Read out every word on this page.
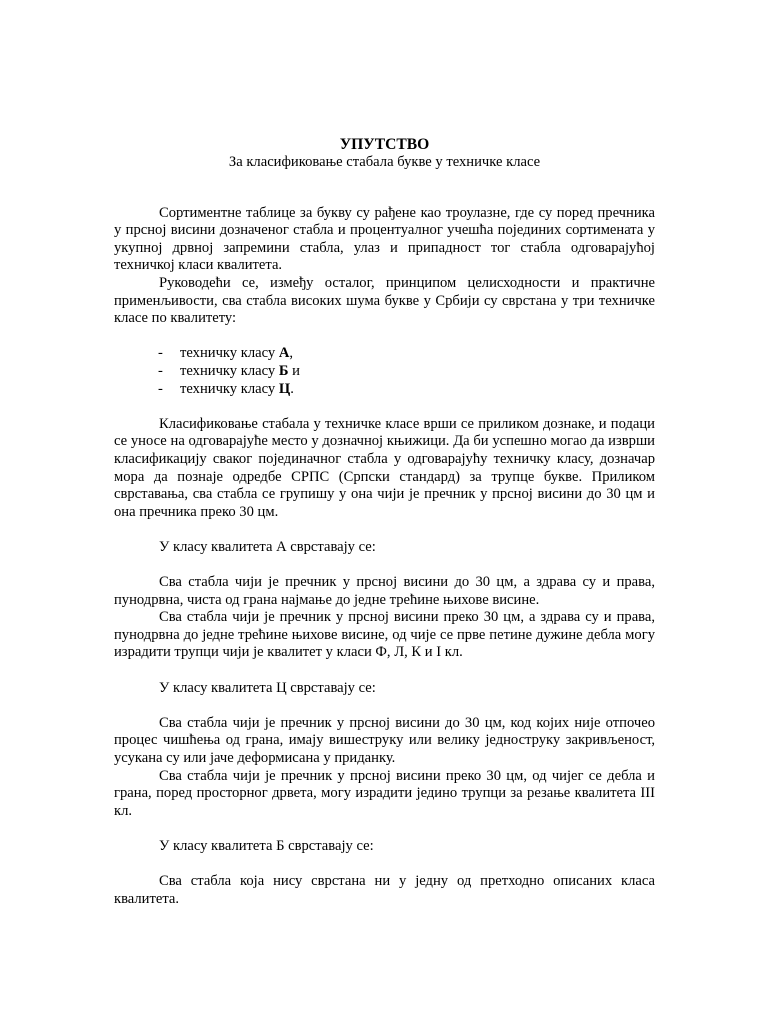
УПУТСТВО
За класификовање стабала букве у техничке класе

Сортиментне таблице за букву су рађене као троулазне, где су поред пречника у прсној висини дозначеног стабла и процентуалног учешћа појединих сортимената у укупној дрвној запремини стабла, улаз и припадност тог стабла одговарајућој техничкој класи квалитета.

Руководећи се, између осталог, принципом целисходности и практичне применљивости, сва стабла високих шума букве у Србији су сврстана у три техничке класе по квалитету:

- техничку класу А,
- техничку класу Б и
- техничку класу Ц.

Класификовање стабала у техничке класе врши се приликом дознаке, и подаци се уносе на одговарајуће место у дозначној књижици. Да би успешно могао да изврши класификацију сваког појединачног стабла у одговарајућу техничку класу, дозначар мора да познаје одредбе СРПС (Српски стандард) за трупце букве. Приликом сврставања, сва стабла се групишу у она чији је пречник у прсној висини до 30 цм и она пречника преко 30 цм.

У класу квалитета А сврставају се:

Сва стабла чији је пречник у прсној висини до 30 цм, а здрава су и права, пунодрвна, чиста од грана најмање до једне трећине њихове висине.

Сва стабла чији је пречник у прсној висини преко 30 цм, а здрава су и права, пунодрвна до једне трећине њихове висине, од чије се прве петине дужине дебла могу израдити трупци чији је квалитет у класи Ф, Л, К и I кл.

У класу квалитета Ц сврставају се:

Сва стабла чији је пречник у прсној висини до 30 цм, код којих није отпочео процес чишћења од грана, имају вишеструку или велику једноструку закривљеност, усукана су или јаче деформисана у приданку.

Сва стабла чији је пречник у прсној висини преко 30 цм, од чијег се дебла и грана, поред просторног дрвета, могу израдити једино трупци за резање квалитета III кл.

У класу квалитета Б сврставају се:

Сва стабла која нису сврстана ни у једну од претходно описаних класа квалитета.
